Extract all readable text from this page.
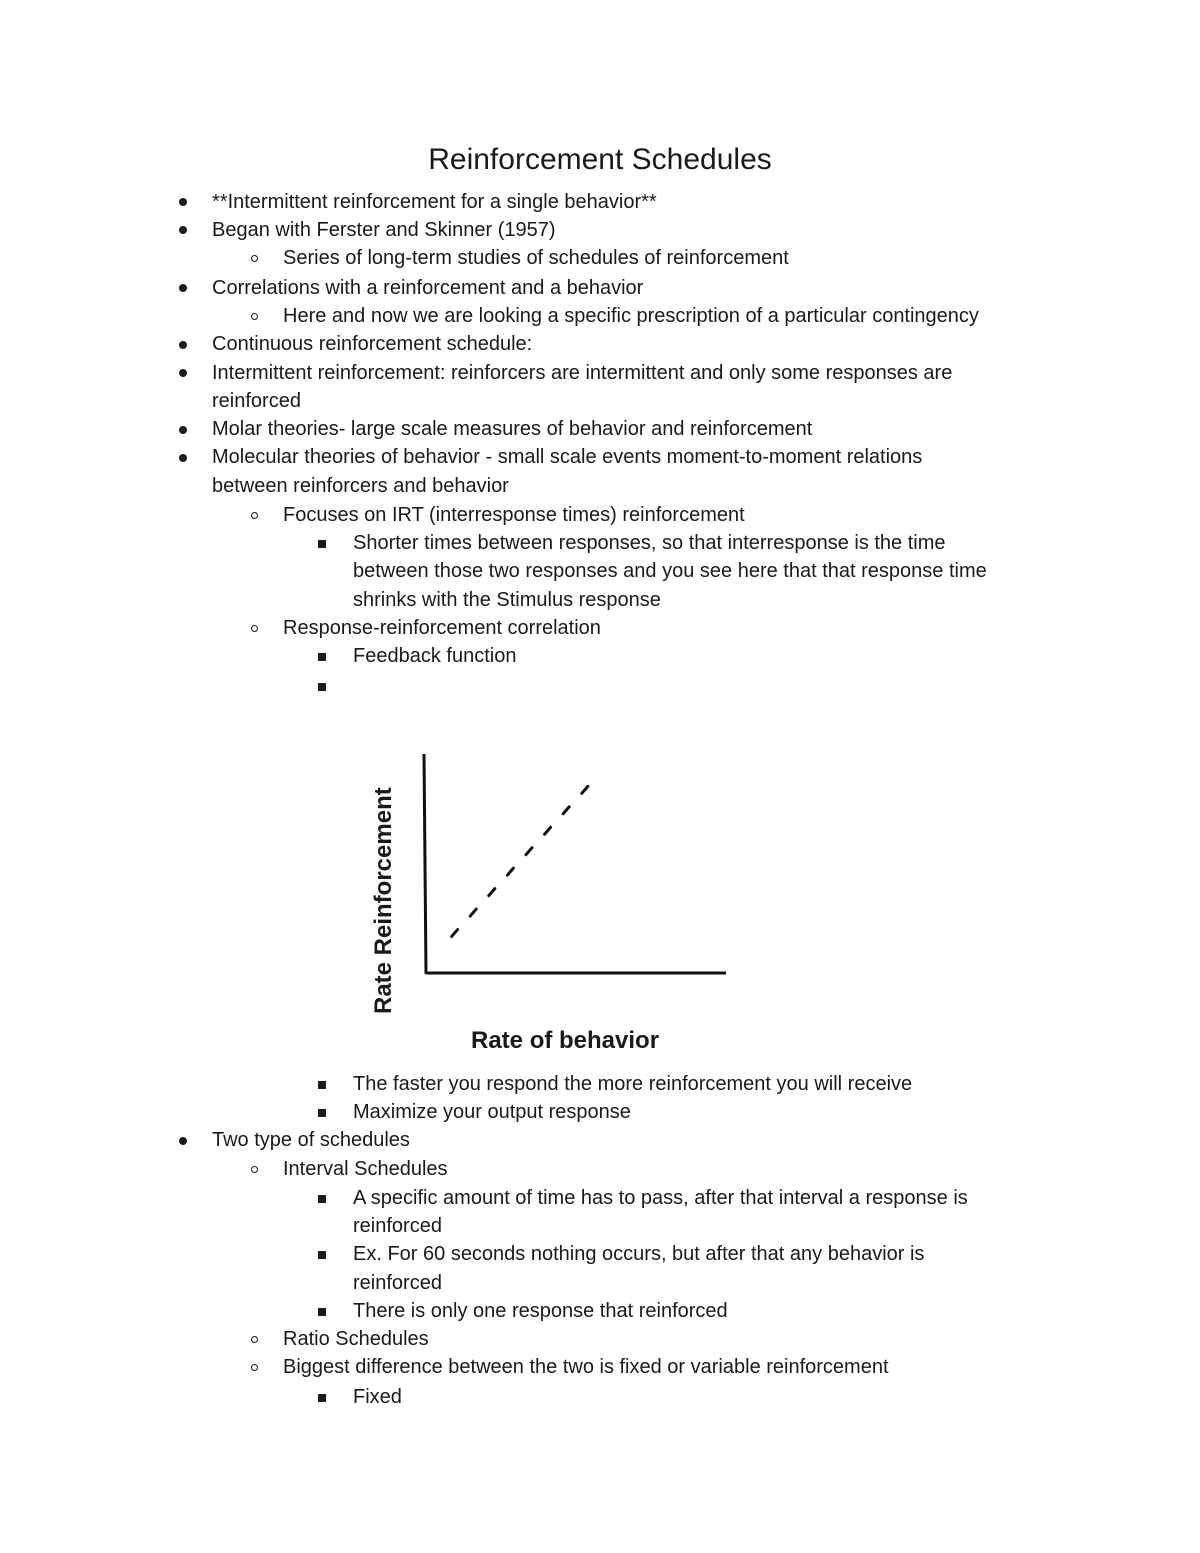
Reinforcement Schedules
**Intermittent reinforcement for a single behavior**
Began with Ferster and Skinner (1957)
Series of long-term studies of schedules of reinforcement
Correlations with a reinforcement and a behavior
Here and now we are looking a specific prescription of a particular contingency
Continuous reinforcement schedule:
Intermittent reinforcement: reinforcers are intermittent and only some responses are
reinforced
Molar theories- large scale measures of behavior and reinforcement
Molecular theories of behavior - small scale events moment-to-moment relations
between reinforcers and behavior
Focuses on IRT (interresponse times) reinforcement
Shorter times between responses, so that interresponse is the time
between those two responses and you see here that that response time
shrinks with the Stimulus response
Response-reinforcement correlation
Feedback function
Rate Reinforcement
Rate of behavior
The faster you respond the more reinforcement you will receive
Maximize your output response
Two type of schedules
Interval Schedules
A specific amount of time has to pass, after that interval a response is
reinforced
Ex. For 60 seconds nothing occurs, but after that any behavior is
reinforced
There is only one response that reinforced
Ratio Schedules
Biggest difference between the two is fixed or variable reinforcement
Fixed
